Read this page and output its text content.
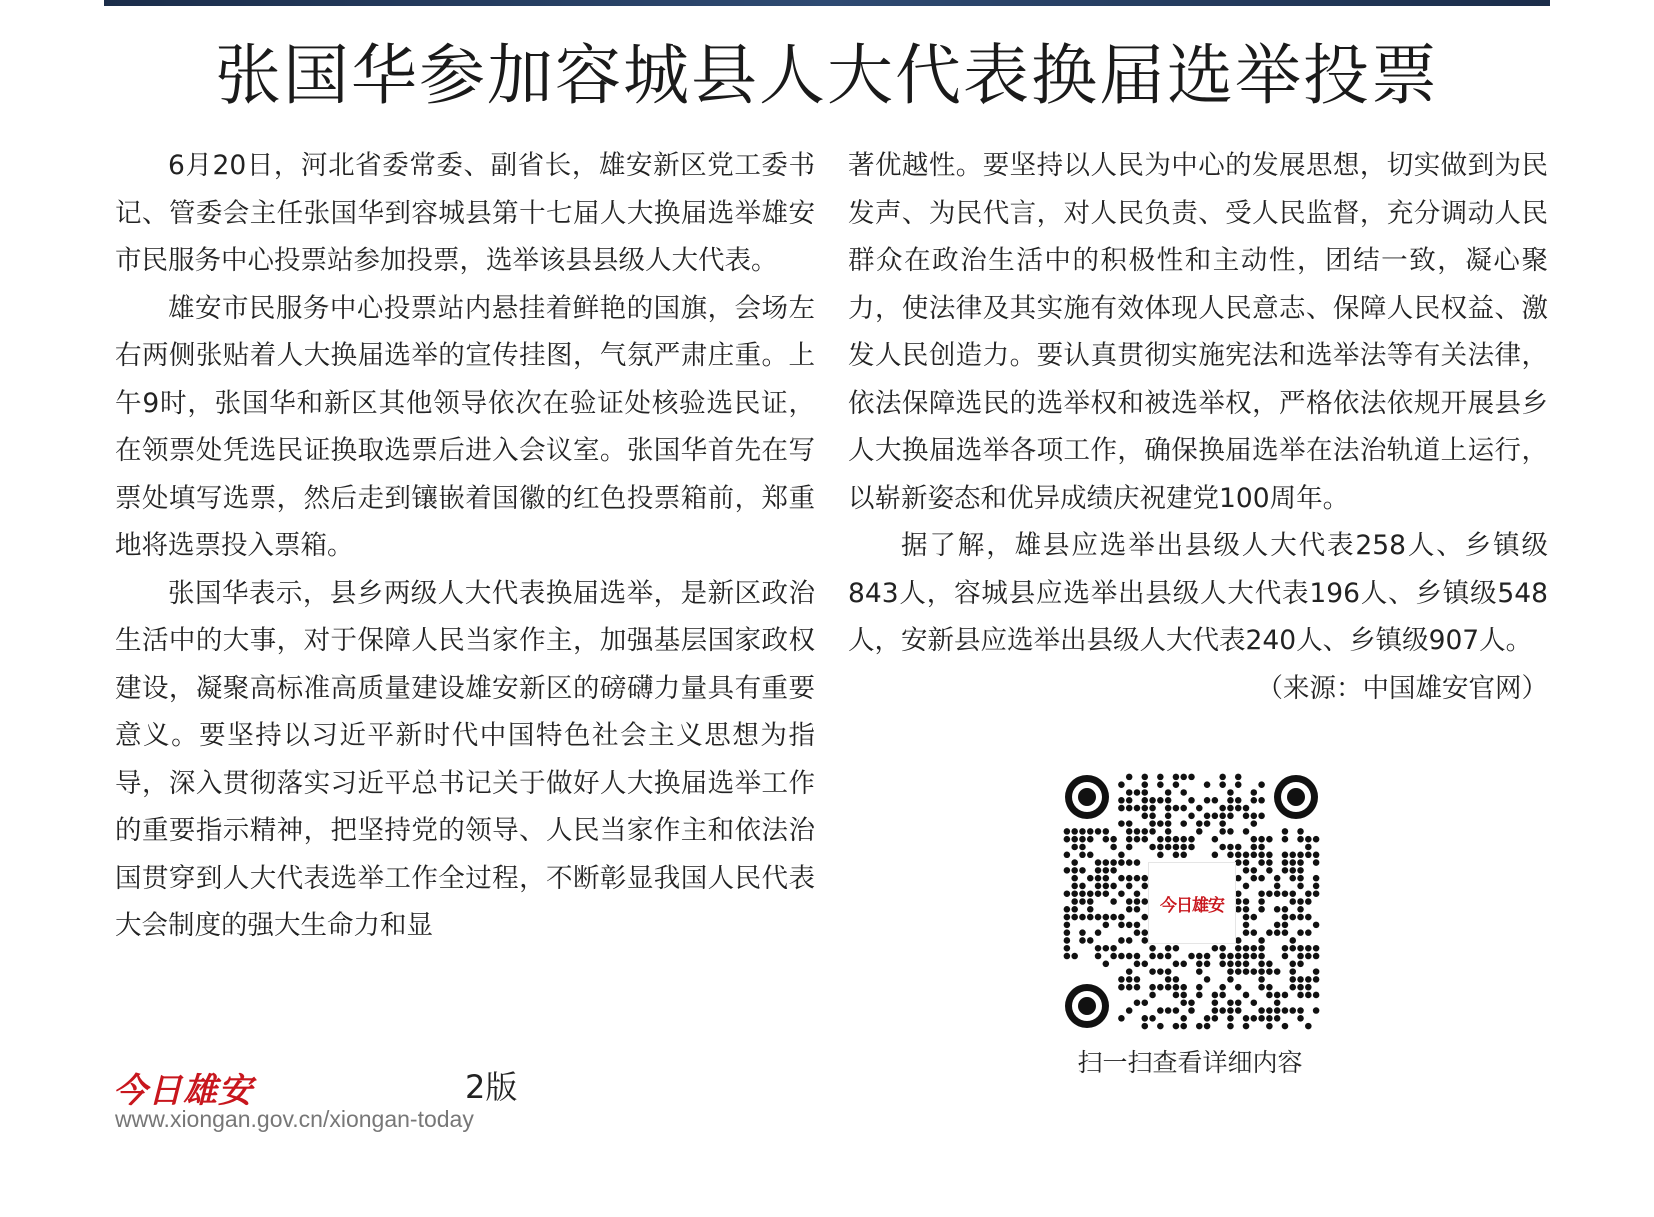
张国华参加容城县人大代表换届选举投票

6月20日，河北省委常委、副省长，雄安新区党工委书记、管委会主任张国华到容城县第十七届人大换届选举雄安市民服务中心投票站参加投票，选举该县县级人大代表。

雄安市民服务中心投票站内悬挂着鲜艳的国旗，会场左右两侧张贴着人大换届选举的宣传挂图，气氛严肃庄重。上午9时，张国华和新区其他领导依次在验证处核验选民证，在领票处凭选民证换取选票后进入会议室。张国华首先在写票处填写选票，然后走到镶嵌着国徽的红色投票箱前，郑重地将选票投入票箱。

张国华表示，县乡两级人大代表换届选举，是新区政治生活中的大事，对于保障人民当家作主，加强基层国家政权建设，凝聚高标准高质量建设雄安新区的磅礴力量具有重要意义。要坚持以习近平新时代中国特色社会主义思想为指导，深入贯彻落实习近平总书记关于做好人大换届选举工作的重要指示精神，把坚持党的领导、人民当家作主和依法治国贯穿到人大代表选举工作全过程，不断彰显我国人民代表大会制度的强大生命力和显

著优越性。要坚持以人民为中心的发展思想，切实做到为民发声、为民代言，对人民负责、受人民监督，充分调动人民群众在政治生活中的积极性和主动性，团结一致，凝心聚力，使法律及其实施有效体现人民意志、保障人民权益、激发人民创造力。要认真贯彻实施宪法和选举法等有关法律，依法保障选民的选举权和被选举权，严格依法依规开展县乡人大换届选举各项工作，确保换届选举在法治轨道上运行，以崭新姿态和优异成绩庆祝建党100周年。

据了解，雄县应选举出县级人大代表258人、乡镇级843人，容城县应选举出县级人大代表196人、乡镇级548人，安新县应选举出县级人大代表240人、乡镇级907人。

（来源：中国雄安官网）

今日雄安
扫一扫查看详细内容
今日雄安	2版
www.xiongan.gov.cn/xiongan-today
